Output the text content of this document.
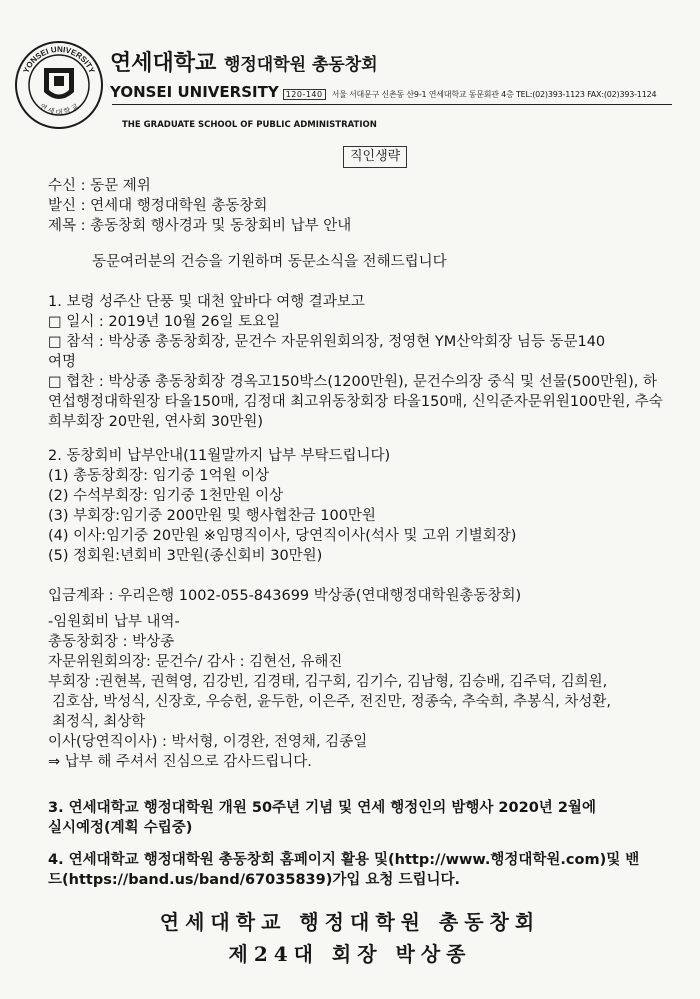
YONSEI UNIVERSITY
연 세 대 학 교
연세대학교 행정대학원 총동창회
YONSEI UNIVERSITY 120-140	서울 서대문구 신촌동 산9-1 연세대학교 동문회관 4층 TEL:(02)393-1123 FAX:(02)393-1124
THE GRADUATE SCHOOL OF PUBLIC ADMINISTRATION
직인생략
수신 : 동문 제위
발신 : 연세대 행정대학원 총동창회
제목 : 총동창회 행사경과 및 동창회비 납부 안내
동문여러분의 건승을 기원하며 동문소식을 전해드립니다
1. 보령 성주산 단풍 및 대천 앞바다 여행 결과보고
□ 일시 : 2019년 10월 26일 토요일
□ 참석 : 박상종 총동창회장, 문건수 자문위원회의장, 정영현 YM산악회장 님등 동문140
여명
□ 협찬 : 박상종 총동창회장 경옥고150박스(1200만원), 문건수의장 중식 및 선물(500만원), 하연섭행정대학원장 타올150매, 김정대 최고위동창회장 타올150매, 신익준자문위원100만원, 추숙희부회장 20만원, 연사회 30만원)
2. 동창회비 납부안내(11월말까지 납부 부탁드립니다)
(1) 총동창회장: 임기중 1억원 이상
(2) 수석부회장: 임기중 1천만원 이상
(3) 부회장:임기중 200만원 및 행사협찬금 100만원
(4) 이사:임기중 20만원 ※임명직이사, 당연직이사(석사 및 고위 기별회장)
(5) 정회원:년회비 3만원(종신회비 30만원)
입금계좌 : 우리은행 1002-055-843699 박상종(연대행정대학원총동창회)
-임원회비 납부 내역-
총동창회장 : 박상종
자문위원회의장: 문건수/ 감사 : 김현선, 유해진
부회장 :권현복, 권혁영, 김강빈, 김경태, 김구회, 김기수, 김남형, 김승배, 김주덕, 김희원,
김호삼, 박성식, 신장호, 우승헌, 윤두한, 이은주, 전진만, 정종숙, 추숙희, 추봉식, 차성환,
최정식, 최상학
이사(당연직이사) : 박서형, 이경완, 전영채, 김종일
⇒ 납부 해 주셔서 진심으로 감사드립니다.
3. 연세대학교 행정대학원 개원 50주년 기념 및 연세 행정인의 밤행사 2020년 2월에
실시예정(계획 수립중)
4. 연세대학교 행정대학원 총동창회 홈페이지 활용 및(http://www.행정대학원.com)및 밴
드(https://band.us/band/67035839)가입 요청 드립니다.
연세대학교 행정대학원 총동창회
제24대 회장 박상종
